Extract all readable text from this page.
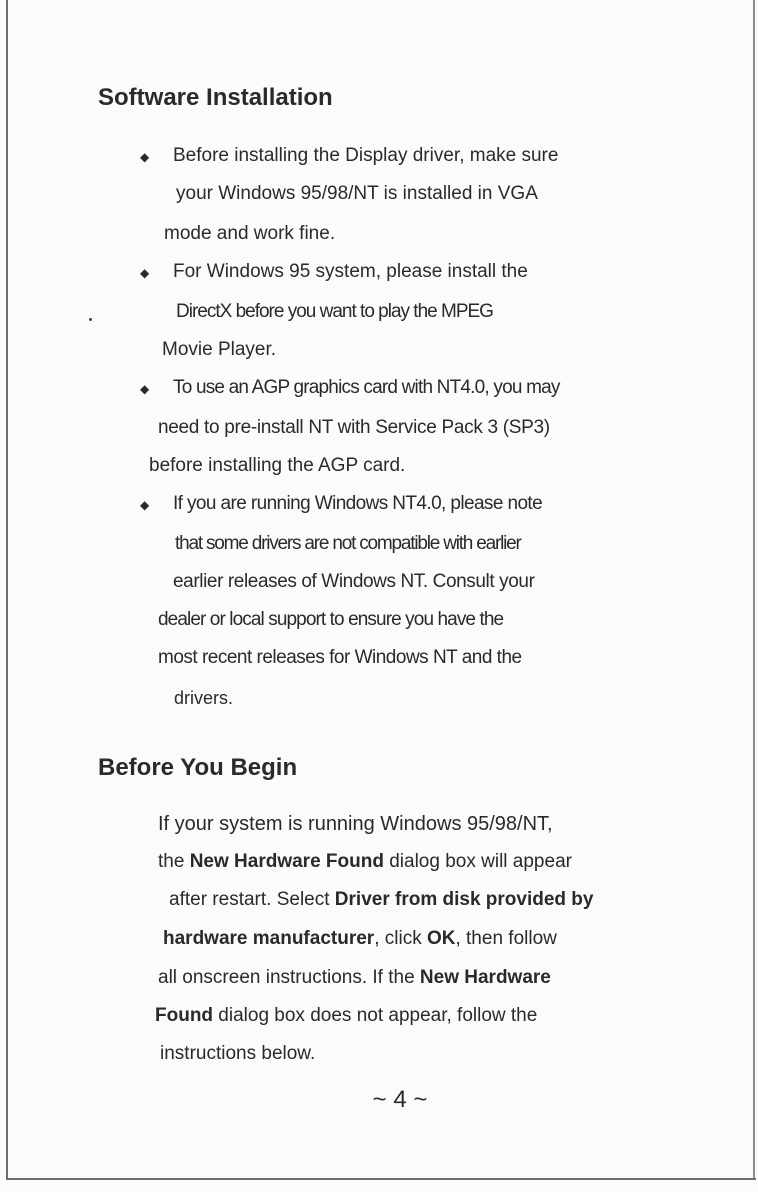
Software Installation
◆ Before installing the Display driver, make sure

your Windows 95/98/NT is installed in VGA

mode and work fine.

◆ For Windows 95 system, please install the

DirectX before you want to play the MPEG

Movie Player.

◆ To use an AGP graphics card with NT4.0, you may

need to pre-install NT with Service Pack 3 (SP3)

before installing the AGP card.

◆ If you are running Windows NT4.0, please note

that some drivers are not compatible with earlier

earlier releases of Windows NT. Consult your

dealer or local support to ensure you have the

most recent releases for Windows NT and the

drivers.

Before You Begin

If your system is running Windows 95/98/NT,

the New Hardware Found dialog box will appear

after restart. Select Driver from disk provided by

hardware manufacturer, click OK, then follow

all onscreen instructions. If the New Hardware

Found dialog box does not appear, follow the

instructions below.

~ 4 ~
